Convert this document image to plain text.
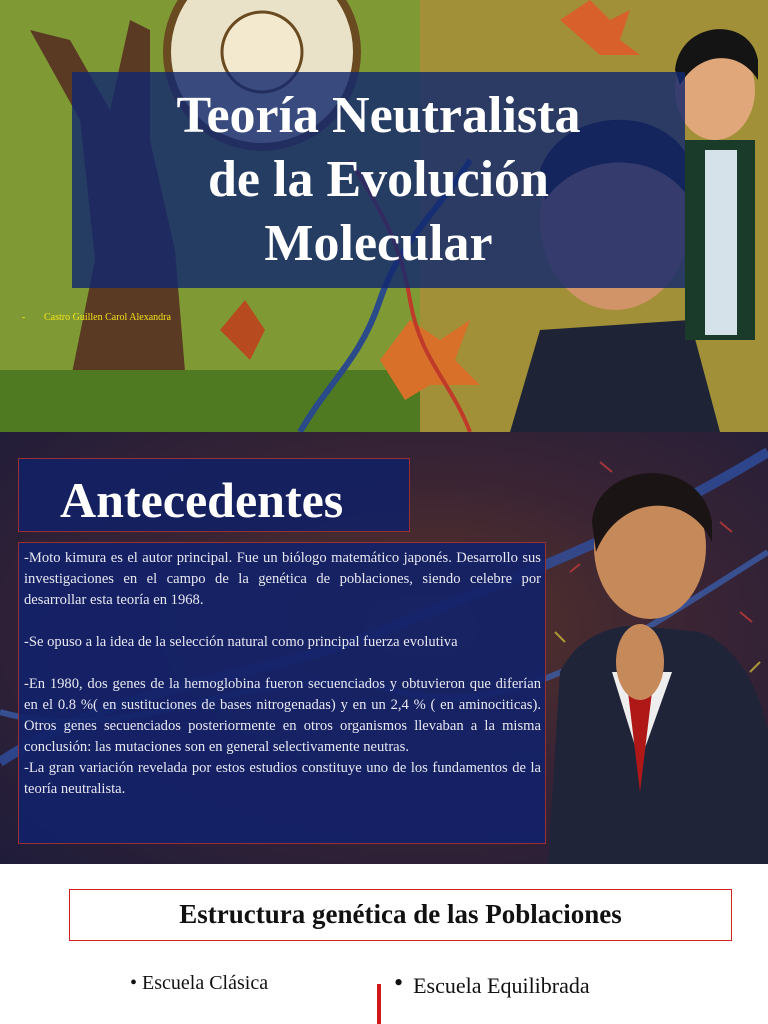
Teoría Neutralista
de la Evolución
Molecular
- Castro Guillen Carol Alexandra
Antecedentes

-Moto kimura es el autor principal. Fue un biólogo matemático japonés. Desarrollo sus investigaciones en el campo de la genética de poblaciones, siendo celebre por desarrollar esta teoría en 1968.

-Se opuso a la idea de la selección natural como principal fuerza evolutiva

-En 1980, dos genes de la hemoglobina fueron secuenciados y obtuvieron que diferían en el 0.8 %( en sustituciones de bases nitrogenadas) y en un 2,4 % ( en aminociticas). Otros genes secuenciados posteriormente en otros organismos llevaban a la misma conclusión: las mutaciones son en general selectivamente neutras.

-La gran variación revelada por estos estudios constituye uno de los fundamentos de la teoría neutralista.

Estructura genética de las Poblaciones
• Escuela Clásica	• Escuela Equilibrada
